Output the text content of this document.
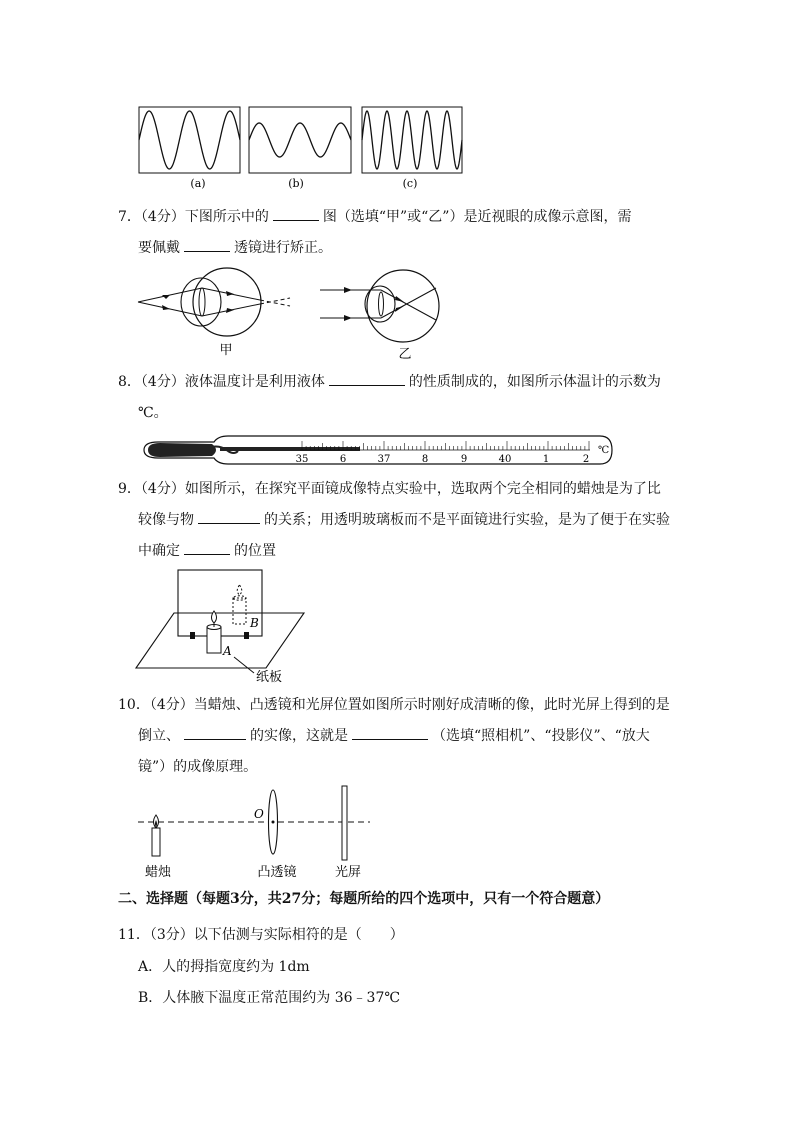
(a)	(b)	(c)
7．（4分）下图所示中的	图（选填“甲”或“乙”）是近视眼的成像示意图，需
要佩戴	透镜进行矫正。
甲	乙
8．（4分）液体温度计是利用液体	的性质制成的，如图所示体温计的示数为
℃。
35	6	37	8	9	40	1	2
℃
9．（4分）如图所示，在探究平面镜成像特点实验中，选取两个完全相同的蜡烛是为了比
较像与物	的关系；用透明玻璃板而不是平面镜进行实验，是为了便于在实验
中确定	的位置
A
B
纸板
10．（4分）当蜡烛、凸透镜和光屏位置如图所示时刚好成清晰的像，此时光屏上得到的是
倒立、	的实像，这就是	（选填“照相机”、“投影仪”、“放大
镜”）的成像原理。
O
蜡烛	凸透镜	光屏
二、选择题（每题3分，共27分；每题所给的四个选项中，只有一个符合题意）
11．（3分）以下估测与实际相符的是（　　）
A．人的拇指宽度约为 1dm
B．人体腋下温度正常范围约为 36﹣37℃
